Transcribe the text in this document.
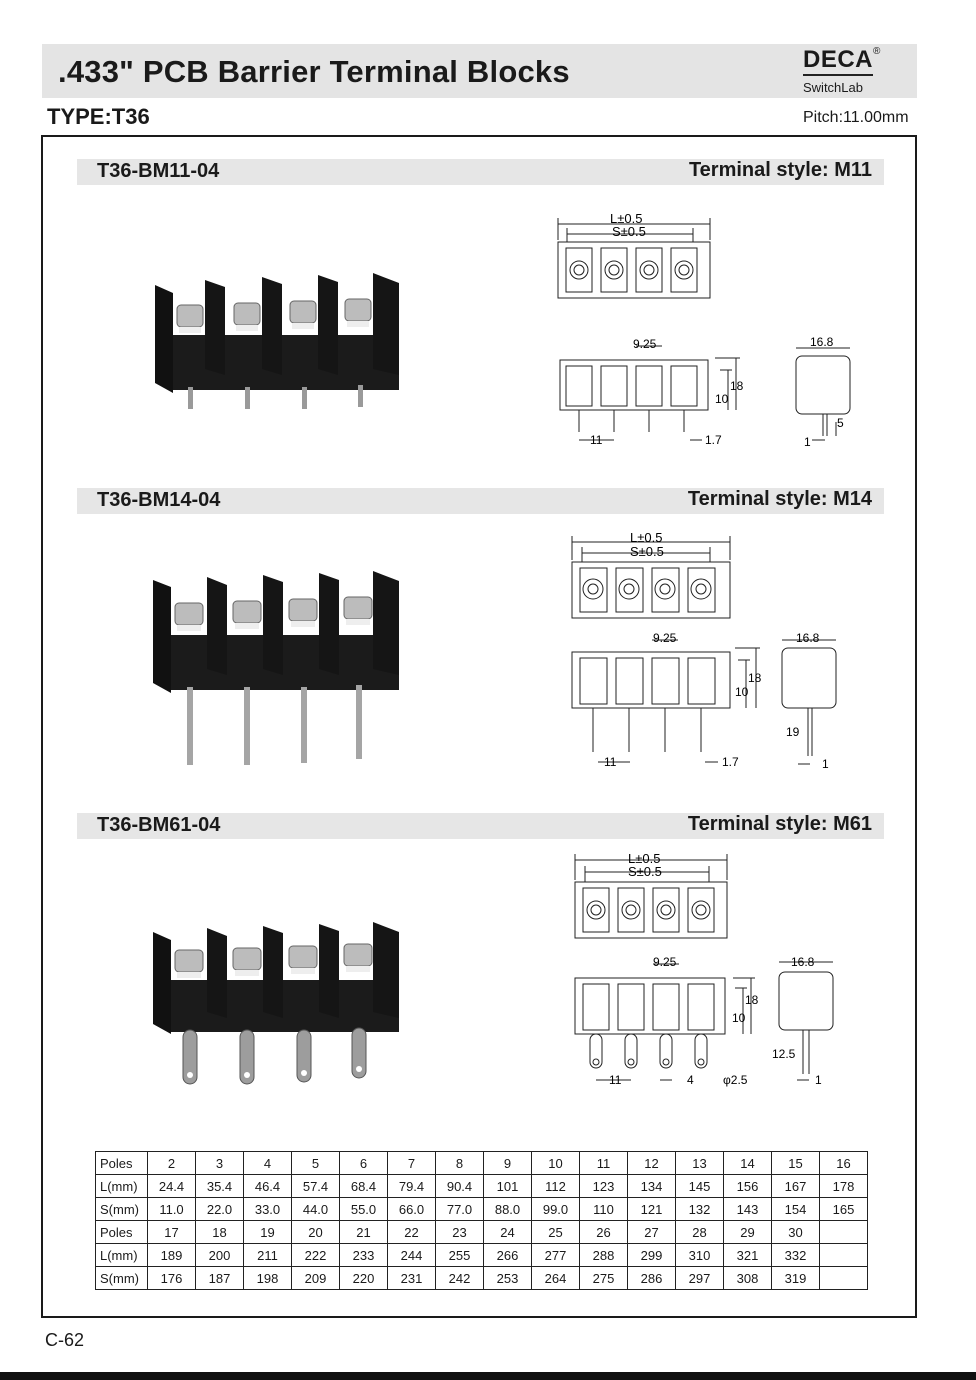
.433" PCB Barrier Terminal Blocks	DECA®
SwitchLab
TYPE:T36	Pitch:11.00mm
T36-BM11-04	Terminal style: M11
T36-BM14-04	Terminal style: M14
T36-BM61-04	Terminal style: M61
L±0.5
S±0.5
9.25	16.8
18
10
11	1.7	1
5
L±0.5
S±0.5
9.25	16.8
18
10
11	1.7	1
19
L±0.5
S±0.5
9.25	16.8
18
10
11	4 φ2.5	1
12.5
Poles	2	3	4	5	6	7	8	9	10	11	12	13	14	15	16
L(mm)	24.4	35.4	46.4	57.4	68.4	79.4	90.4	101	112	123	134	145	156	167	178
S(mm)	11.0	22.0	33.0	44.0	55.0	66.0	77.0	88.0	99.0	110	121	132	143	154	165
Poles	17	18	19	20	21	22	23	24	25	26	27	28	29	30	
L(mm)	189	200	211	222	233	244	255	266	277	288	299	310	321	332	
S(mm)	176	187	198	209	220	231	242	253	264	275	286	297	308	319	
C-62
